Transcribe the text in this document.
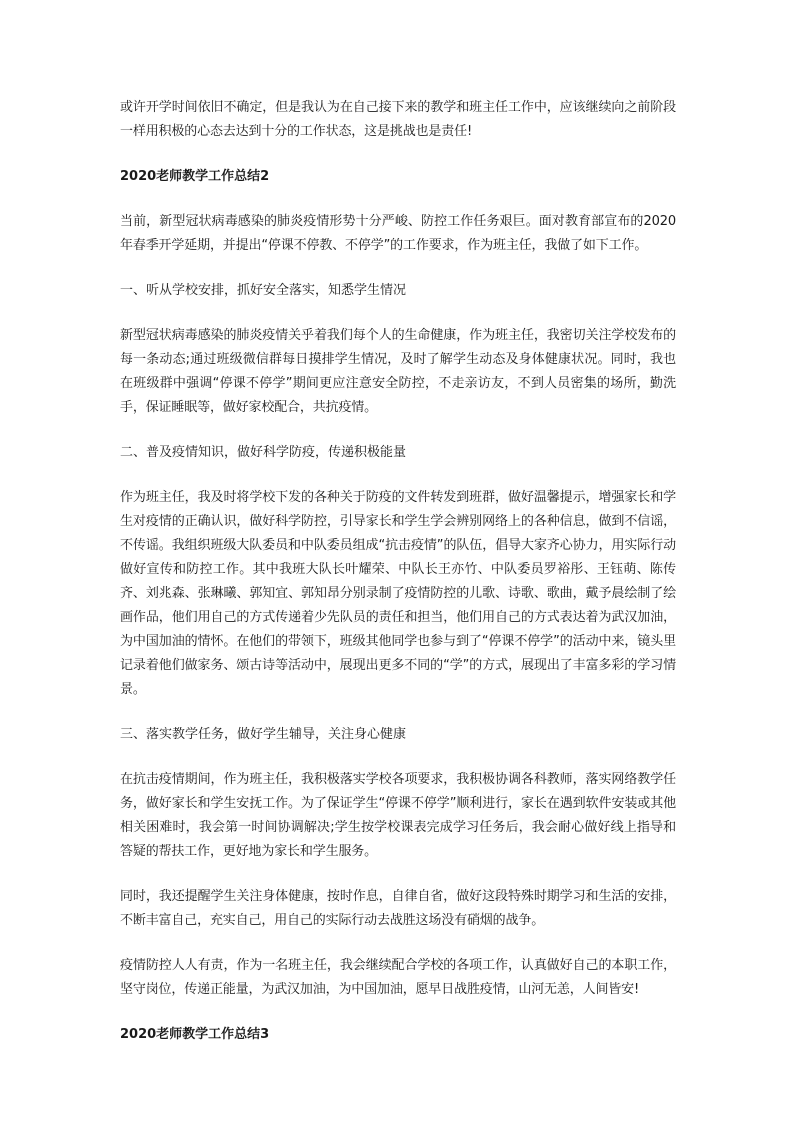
或许开学时间依旧不确定，但是我认为在自己接下来的教学和班主任工作中，应该继续向之前阶段一样用积极的心态去达到十分的工作状态，这是挑战也是责任!

2020老师教学工作总结2

当前，新型冠状病毒感染的肺炎疫情形势十分严峻、防控工作任务艰巨。面对教育部宣布的2020年春季开学延期，并提出“停课不停教、不停学”的工作要求，作为班主任，我做了如下工作。

一、听从学校安排，抓好安全落实，知悉学生情况

新型冠状病毒感染的肺炎疫情关乎着我们每个人的生命健康，作为班主任，我密切关注学校发布的每一条动态;通过班级微信群每日摸排学生情况，及时了解学生动态及身体健康状况。同时，我也在班级群中强调“停课不停学”期间更应注意安全防控，不走亲访友，不到人员密集的场所，勤洗手，保证睡眠等，做好家校配合，共抗疫情。

二、普及疫情知识，做好科学防疫，传递积极能量

作为班主任，我及时将学校下发的各种关于防疫的文件转发到班群，做好温馨提示，增强家长和学生对疫情的正确认识，做好科学防控，引导家长和学生学会辨别网络上的各种信息，做到不信谣，不传谣。我组织班级大队委员和中队委员组成“抗击疫情”的队伍，倡导大家齐心协力，用实际行动做好宣传和防控工作。其中我班大队长叶耀荣、中队长王亦竹、中队委员罗裕彤、王钰萌、陈传齐、刘兆森、张琳曦、郭知宜、郭知昂分别录制了疫情防控的儿歌、诗歌、歌曲，戴予晨绘制了绘画作品，他们用自己的方式传递着少先队员的责任和担当，他们用自己的方式表达着为武汉加油，为中国加油的情怀。在他们的带领下，班级其他同学也参与到了“停课不停学”的活动中来，镜头里记录着他们做家务、颂古诗等活动中，展现出更多不同的“学”的方式，展现出了丰富多彩的学习情景。

三、落实教学任务，做好学生辅导，关注身心健康

在抗击疫情期间，作为班主任，我积极落实学校各项要求，我积极协调各科教师，落实网络教学任务，做好家长和学生安抚工作。为了保证学生“停课不停学”顺利进行，家长在遇到软件安装或其他相关困难时，我会第一时间协调解决;学生按学校课表完成学习任务后，我会耐心做好线上指导和答疑的帮扶工作，更好地为家长和学生服务。

同时，我还提醒学生关注身体健康，按时作息，自律自省，做好这段特殊时期学习和生活的安排，不断丰富自己，充实自己，用自己的实际行动去战胜这场没有硝烟的战争。

疫情防控人人有责，作为一名班主任，我会继续配合学校的各项工作，认真做好自己的本职工作，坚守岗位，传递正能量，为武汉加油，为中国加油，愿早日战胜疫情，山河无恙，人间皆安!

2020老师教学工作总结3
